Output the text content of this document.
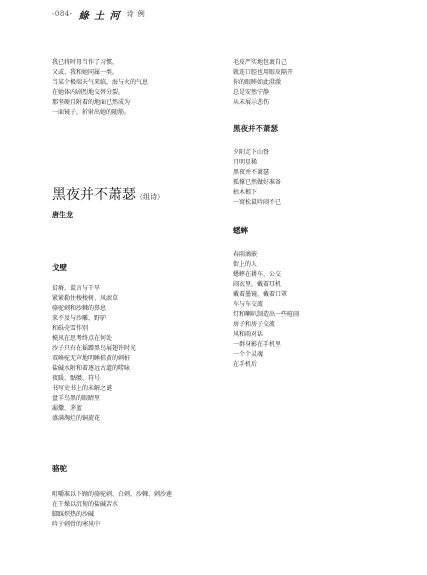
-084- 綠 土 河 诗 例
我已将时母当作了习惯，
又或、我和她同属一类。
当某个极端天气来临，海与火的气息
在她体内剧烈地交替分裂。
那坚硬且附着的地面已然成为
一面镜子，折射出她的随筋。
黑夜并不萧瑟（组诗）
唐生龙
戈壁
贫瘠、谎言与干旱
紧紧勒住梭梭树、风滚草
骆驼刺和沙棘的鼻息
来不及与沙雕、野驴
和砾壳雪作别
模风在思考终点在何处
沙子只有在摇蹭黑鸟展翅许时光
双峰驼无声地明睡桔黄的刺桩
盐碱水附和着逐远古道的唠咏
夜暖、骷髅、符号
书写史书上的未解之谜
盘羊鸟黑的眼睛里
漏撒、茅蓝
盛满淘烂的铜旋花
骆驼
咀嚼准以下顾的骆驼刺、白刺、沙棘、刺沙莲
在干燥以沉甸的盐碱苦水
脚踩炽热的沙碱
吟于刺骨的寒风中
毛皮严实地包裹自己
就连口腔也用眼皮隔开
你的眼眸如此澄澈
总是安然宁静
从未展示悲伤
黑夜并不萧瑟
夕阳走下山脊
月明星稀
黑夜并不萧瑟
孤撑已然做好准备
枯木根下
一窝松鼠吟闹不已
蟋蟀
春雨滴嵌
街上的人
蟋蟀在耕车、公交
闹衣里，戴着耳机
戴着墨镜，戴着口罩
车与车交流
灯和喇叭制造出一些喧闹
房子和房子交流
风和雨对话
一群身影在手机里
一个个灵魂
在手机后
